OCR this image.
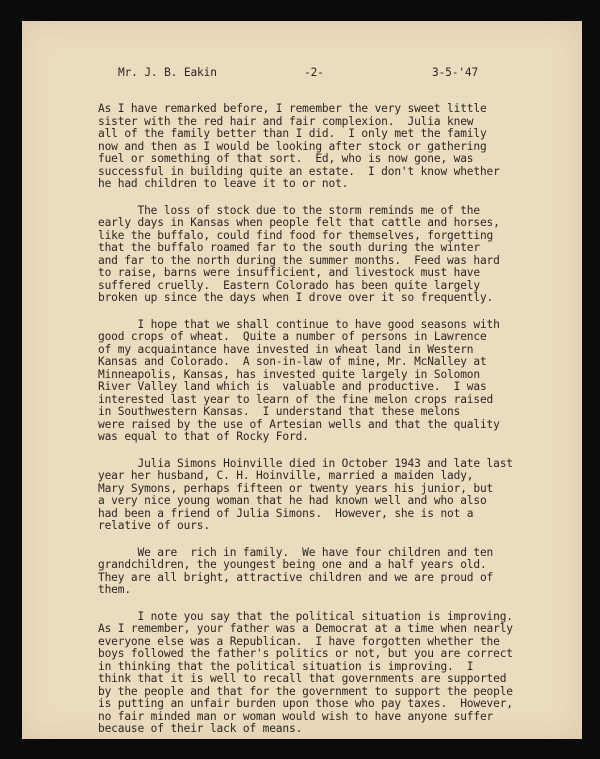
Mr. J. B. Eakin	-2-	3-5-'47
As I have remarked before, I remember the very sweet little
sister with the red hair and fair complexion.  Julia knew
all of the family better than I did.  I only met the family
now and then as I would be looking after stock or gathering
fuel or something of that sort.  Ed, who is now gone, was
successful in building quite an estate.  I don't know whether
he had children to leave it to or not.
The loss of stock due to the storm reminds me of the
early days in Kansas when people felt that cattle and horses,
like the buffalo, could find food for themselves, forgetting
that the buffalo roamed far to the south during the winter
and far to the north during the summer months.  Feed was hard
to raise, barns were insufficient, and livestock must have
suffered cruelly.  Eastern Colorado has been quite largely
broken up since the days when I drove over it so frequently.
I hope that we shall continue to have good seasons with
good crops of wheat.  Quite a number of persons in Lawrence
of my acquaintance have invested in wheat land in Western
Kansas and Colorado.  A son-in-law of mine, Mr. McNalley at
Minneapolis, Kansas, has invested quite largely in Solomon
River Valley land which is  valuable and productive.  I was
interested last year to learn of the fine melon crops raised
in Southwestern Kansas.  I understand that these melons
were raised by the use of Artesian wells and that the quality
was equal to that of Rocky Ford.
Julia Simons Hoinville died in October 1943 and late last
year her husband, C. H. Hoinville, married a maiden lady,
Mary Symons, perhaps fifteen or twenty years his junior, but
a very nice young woman that he had known well and who also
had been a friend of Julia Simons.  However, she is not a
relative of ours.
We are  rich in family.  We have four children and ten
grandchildren, the youngest being one and a half years old.
They are all bright, attractive children and we are proud of
them.
I note you say that the political situation is improving.
As I remember, your father was a Democrat at a time when nearly
everyone else was a Republican.  I have forgotten whether the
boys followed the father's politics or not, but you are correct
in thinking that the political situation is improving.  I
think that it is well to recall that governments are supported
by the people and that for the government to support the people
is putting an unfair burden upon those who pay taxes.  However,
no fair minded man or woman would wish to have anyone suffer
because of their lack of means.
